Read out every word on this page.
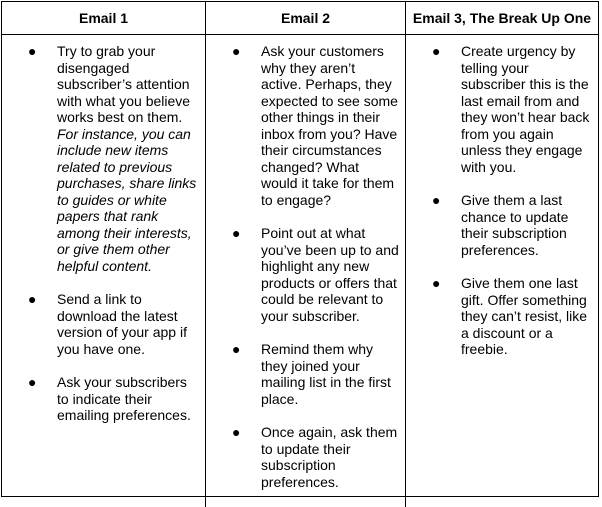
Email 1	Email 2	Email 3, The Break Up One
● Try to grab your disengaged subscriber’s attention with what you believe works best on them. For instance, you can include new items related to previous purchases, share links to guides or white papers that rank among their interests, or give them other helpful content.
● Send a link to download the latest version of your app if you have one.
● Ask your subscribers to indicate their emailing preferences.
● Ask your customers why they aren’t active. Perhaps, they expected to see some other things in their inbox from you? Have their circumstances changed? What would it take for them to engage?
● Point out at what you’ve been up to and highlight any new products or offers that could be relevant to your subscriber.
● Remind them why they joined your mailing list in the first place.
● Once again, ask them to update their subscription preferences.
● Create urgency by telling your subscriber this is the last email from and they won’t hear back from you again unless they engage with you.
● Give them a last chance to update their subscription preferences.
● Give them one last gift. Offer something they can’t resist, like a discount or a freebie.
